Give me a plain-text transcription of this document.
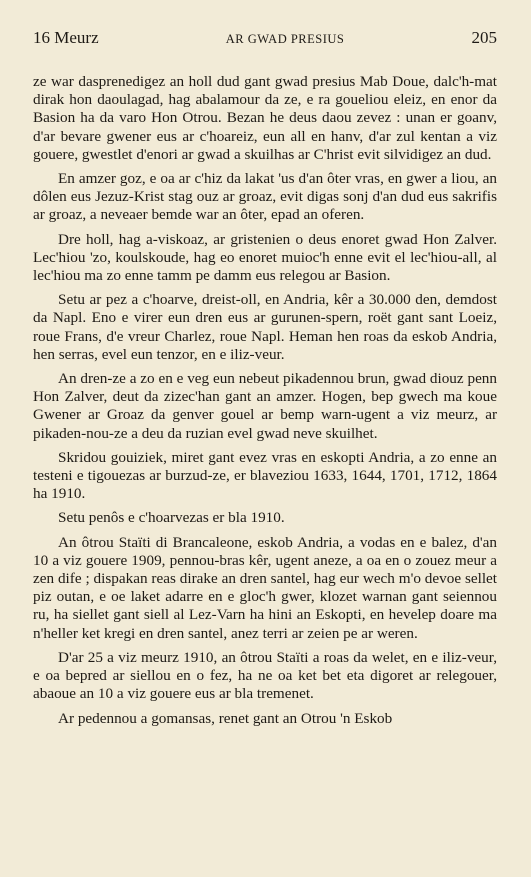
16 Meurz	AR GWAD PRESIUS	205

ze war dasprenedigez an holl dud gant gwad presius Mab Doue, dalc'h-mat dirak hon daoulagad, hag abalamour da ze, e ra goueliou eleiz, en enor da Basion ha da varo Hon Otrou. Bezan he deus daou zevez : unan er goanv, d'ar bevare gwener eus ar c'hoareiz, eun all en hanv, d'ar zul kentan a viz gouere, gwestlet d'enori ar gwad a skuilhas ar C'hrist evit silvidigez an dud.

En amzer goz, e oa ar c'hiz da lakat 'us d'an ôter vras, en gwer a liou, an dôlen eus Jezuz-Krist stag ouz ar groaz, evit digas sonj d'an dud eus sakrifis ar groaz, a neveaer bemde war an ôter, epad an oferen.

Dre holl, hag a-viskoaz, ar gristenien o deus enoret gwad Hon Zalver. Lec'hiou 'zo, koulskoude, hag eo enoret muioc'h enne evit el lec'hiou-all, al lec'hiou ma zo enne tamm pe damm eus relegou ar Basion.

Setu ar pez a c'hoarve, dreist-oll, en Andria, kêr a 30.000 den, demdost da Napl. Eno e virer eun dren eus ar gurunen-spern, roët gant sant Loeiz, roue Frans, d'e vreur Charlez, roue Napl. Heman hen roas da eskob Andria, hen serras, evel eun tenzor, en e iliz-veur.

An dren-ze a zo en e veg eun nebeut pikadennou brun, gwad diouz penn Hon Zalver, deut da zizec'han gant an amzer. Hogen, bep gwech ma koue Gwener ar Groaz da genver gouel ar bemp warn-ugent a viz meurz, ar pikaden-nou-ze a deu da ruzian evel gwad neve skuilhet.

Skridou gouiziek, miret gant evez vras en eskopti Andria, a zo enne an testeni e tigouezas ar burzud-ze, er blaveziou 1633, 1644, 1701, 1712, 1864 ha 1910.

Setu penôs e c'hoarvezas er bla 1910.

An ôtrou Staïti di Brancaleone, eskob Andria, a vodas en e balez, d'an 10 a viz gouere 1909, pennou-bras kêr, ugent aneze, a oa en o zouez meur a zen dife ; dispakan reas dirake an dren santel, hag eur wech m'o devoe sellet piz outan, e oe laket adarre en e gloc'h gwer, klozet warnan gant seiennou ru, ha siellet gant siell al Lez-Varn ha hini an Eskopti, en hevelep doare ma n'heller ket kregi en dren santel, anez terri ar zeien pe ar weren.

D'ar 25 a viz meurz 1910, an ôtrou Staïti a roas da welet, en e iliz-veur, e oa bepred ar siellou en o fez, ha ne oa ket bet eta digoret ar relegouer, abaoue an 10 a viz gouere eus ar bla tremenet.

Ar pedennou a gomansas, renet gant an Otrou 'n Eskob
